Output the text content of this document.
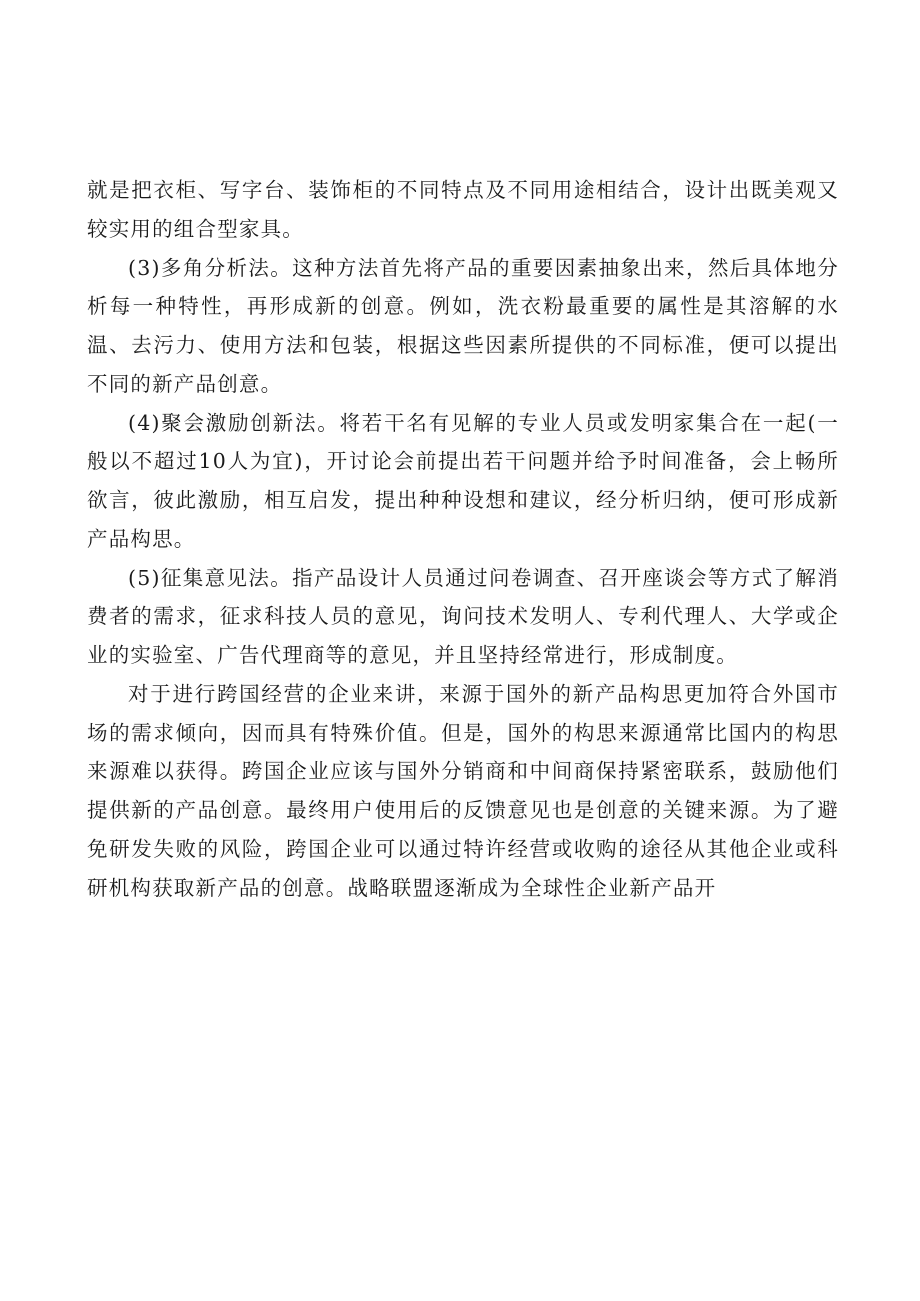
就是把衣柜、写字台、装饰柜的不同特点及不同用途相结合，设计出既美观又较实用的组合型家具。

(3)多角分析法。这种方法首先将产品的重要因素抽象出来，然后具体地分析每一种特性，再形成新的创意。例如，洗衣粉最重要的属性是其溶解的水温、去污力、使用方法和包装，根据这些因素所提供的不同标准，便可以提出不同的新产品创意。

(4)聚会激励创新法。将若干名有见解的专业人员或发明家集合在一起(一般以不超过10人为宜)，开讨论会前提出若干问题并给予时间准备，会上畅所欲言，彼此激励，相互启发，提出种种设想和建议，经分析归纳，便可形成新产品构思。

(5)征集意见法。指产品设计人员通过问卷调查、召开座谈会等方式了解消费者的需求，征求科技人员的意见，询问技术发明人、专利代理人、大学或企业的实验室、广告代理商等的意见，并且坚持经常进行，形成制度。

对于进行跨国经营的企业来讲，来源于国外的新产品构思更加符合外国市场的需求倾向，因而具有特殊价值。但是，国外的构思来源通常比国内的构思来源难以获得。跨国企业应该与国外分销商和中间商保持紧密联系，鼓励他们提供新的产品创意。最终用户使用后的反馈意见也是创意的关键来源。为了避免研发失败的风险，跨国企业可以通过特许经营或收购的途径从其他企业或科研机构获取新产品的创意。战略联盟逐渐成为全球性企业新产品开
